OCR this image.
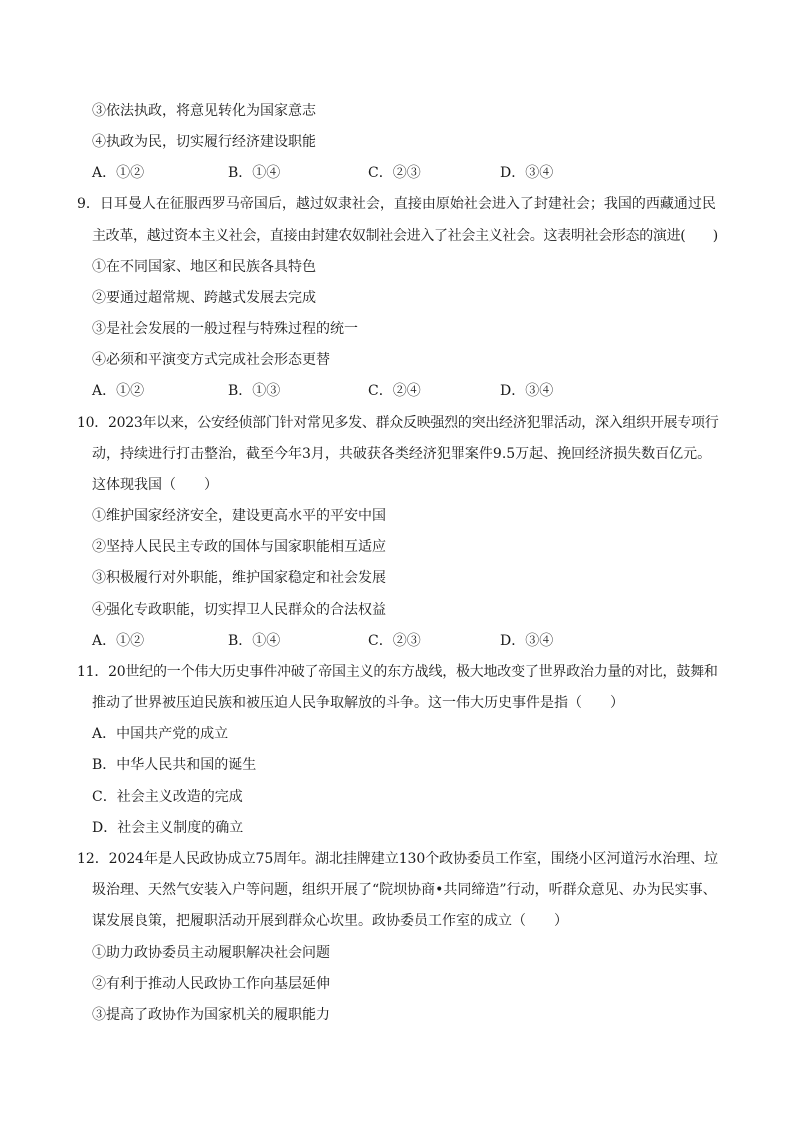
③依法执政，将意见转化为国家意志
④执政为民，切实履行经济建设职能
A．①②	B．①④	C．②③	D．③④
9．日耳曼人在征服西罗马帝国后，越过奴隶社会，直接由原始社会进入了封建社会；我国的西藏通过民
主改革，越过资本主义社会，直接由封建农奴制社会进入了社会主义社会。这表明社会形态的演进(　　)
①在不同国家、地区和民族各具特色
②要通过超常规、跨越式发展去完成
③是社会发展的一般过程与特殊过程的统一
④必须和平演变方式完成社会形态更替
A．①②	B．①③	C．②④	D．③④
10．2023年以来，公安经侦部门针对常见多发、群众反映强烈的突出经济犯罪活动，深入组织开展专项行
动，持续进行打击整治，截至今年3月，共破获各类经济犯罪案件9.5万起、挽回经济损失数百亿元。
这体现我国（　　）
①维护国家经济安全，建设更高水平的平安中国
②坚持人民民主专政的国体与国家职能相互适应
③积极履行对外职能，维护国家稳定和社会发展
④强化专政职能，切实捍卫人民群众的合法权益
A．①②	B．①④	C．②③	D．③④
11．20世纪的一个伟大历史事件冲破了帝国主义的东方战线，极大地改变了世界政治力量的对比，鼓舞和
推动了世界被压迫民族和被压迫人民争取解放的斗争。这一伟大历史事件是指（　　）
A．中国共产党的成立
B．中华人民共和国的诞生
C．社会主义改造的完成
D．社会主义制度的确立
12．2024年是人民政协成立75周年。湖北挂牌建立130个政协委员工作室，围绕小区河道污水治理、垃
圾治理、天然气安装入户等问题，组织开展了“院坝协商•共同缔造”行动，听群众意见、办为民实事、
谋发展良策，把履职活动开展到群众心坎里。政协委员工作室的成立（　　）
①助力政协委员主动履职解决社会问题
②有利于推动人民政协工作向基层延伸
③提高了政协作为国家机关的履职能力
